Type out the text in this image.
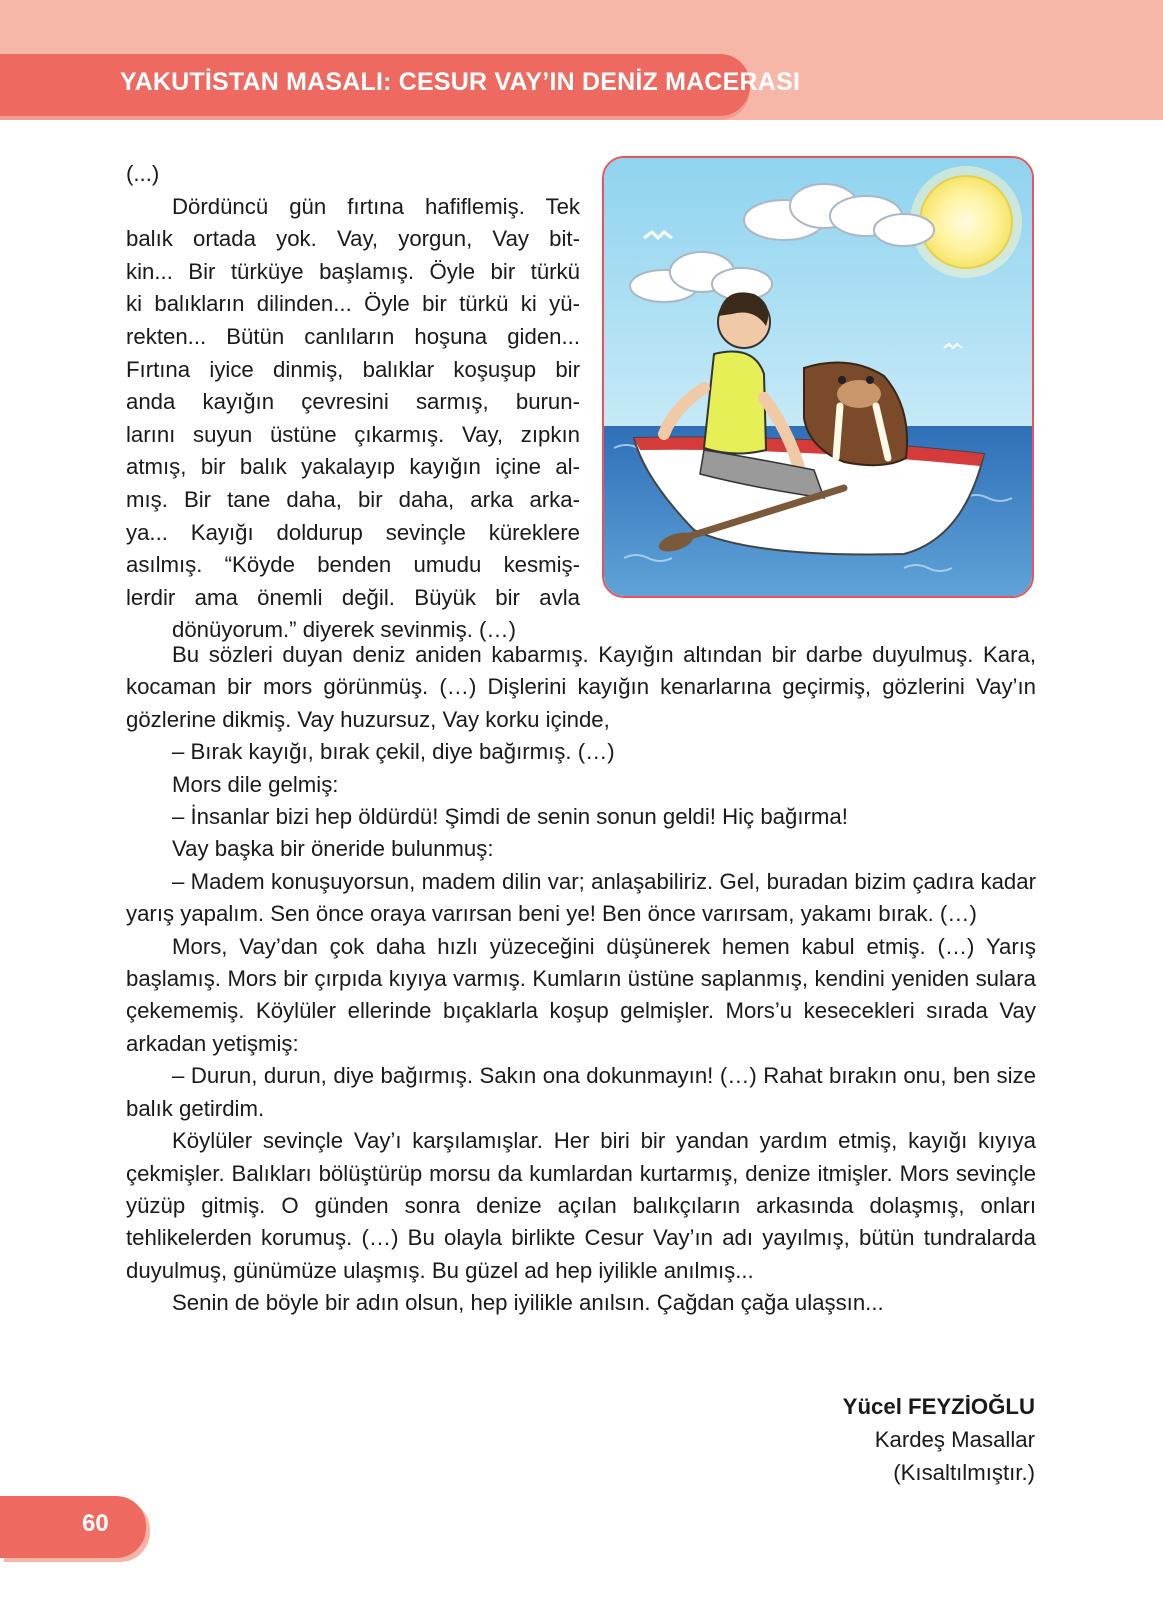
YAKUTİSTAN MASALI: CESUR VAY’IN DENİZ MACERASI
(...)
Dördüncü gün fırtına hafiflemiş. Tek
balık ortada yok. Vay, yorgun, Vay bit-
kin... Bir türküye başlamış. Öyle bir türkü
ki balıkların dilinden... Öyle bir türkü ki yü-
rekten... Bütün canlıların hoşuna giden...
Fırtına iyice dinmiş, balıklar koşuşup bir
anda kayığın çevresini sarmış, burun-
larını suyun üstüne çıkarmış. Vay, zıpkın
atmış, bir balık yakalayıp kayığın içine al-
mış. Bir tane daha, bir daha, arka arka-
ya... Kayığı doldurup sevinçle küreklere
asılmış. “Köyde benden umudu kesmiş-
lerdir ama önemli değil. Büyük bir avla
dönüyorum.” diyerek sevinmiş. (…)

Bu sözleri duyan deniz aniden kabarmış. Kayığın altından bir darbe duyulmuş. Kara, kocaman bir mors görünmüş. (…) Dişlerini kayığın kenarlarına geçirmiş, gözlerini Vay’ın gözlerine dikmiş. Vay huzursuz, Vay korku içinde,

– Bırak kayığı, bırak çekil, diye bağırmış. (…)

Mors dile gelmiş:

– İnsanlar bizi hep öldürdü! Şimdi de senin sonun geldi! Hiç bağırma!

Vay başka bir öneride bulunmuş:

– Madem konuşuyorsun, madem dilin var; anlaşabiliriz. Gel, buradan bizim çadıra kadar yarış yapalım. Sen önce oraya varırsan beni ye! Ben önce varırsam, yakamı bırak. (…)

Mors, Vay’dan çok daha hızlı yüzeceğini düşünerek hemen kabul etmiş. (…) Yarış başlamış. Mors bir çırpıda kıyıya varmış. Kumların üstüne saplanmış, kendini yeniden sulara çekememiş. Köylüler ellerinde bıçaklarla koşup gelmişler. Mors’u kesecekleri sırada Vay arkadan yetişmiş:

– Durun, durun, diye bağırmış. Sakın ona dokunmayın! (…) Rahat bırakın onu, ben size balık getirdim.

Köylüler sevinçle Vay’ı karşılamışlar. Her biri bir yandan yardım etmiş, kayığı kıyıya çekmişler. Balıkları bölüştürüp morsu da kumlardan kurtarmış, denize itmişler. Mors sevinçle yüzüp gitmiş. O günden sonra denize açılan balıkçıların arkasında dolaşmış, onları tehlikelerden korumuş. (…) Bu olayla birlikte Cesur Vay’ın adı yayılmış, bütün tundralarda duyulmuş, günümüze ulaşmış. Bu güzel ad hep iyilikle anılmış...

Senin de böyle bir adın olsun, hep iyilikle anılsın. Çağdan çağa ulaşsın...

Yücel FEYZİOĞLU
Kardeş Masallar
(Kısaltılmıştır.)
60
